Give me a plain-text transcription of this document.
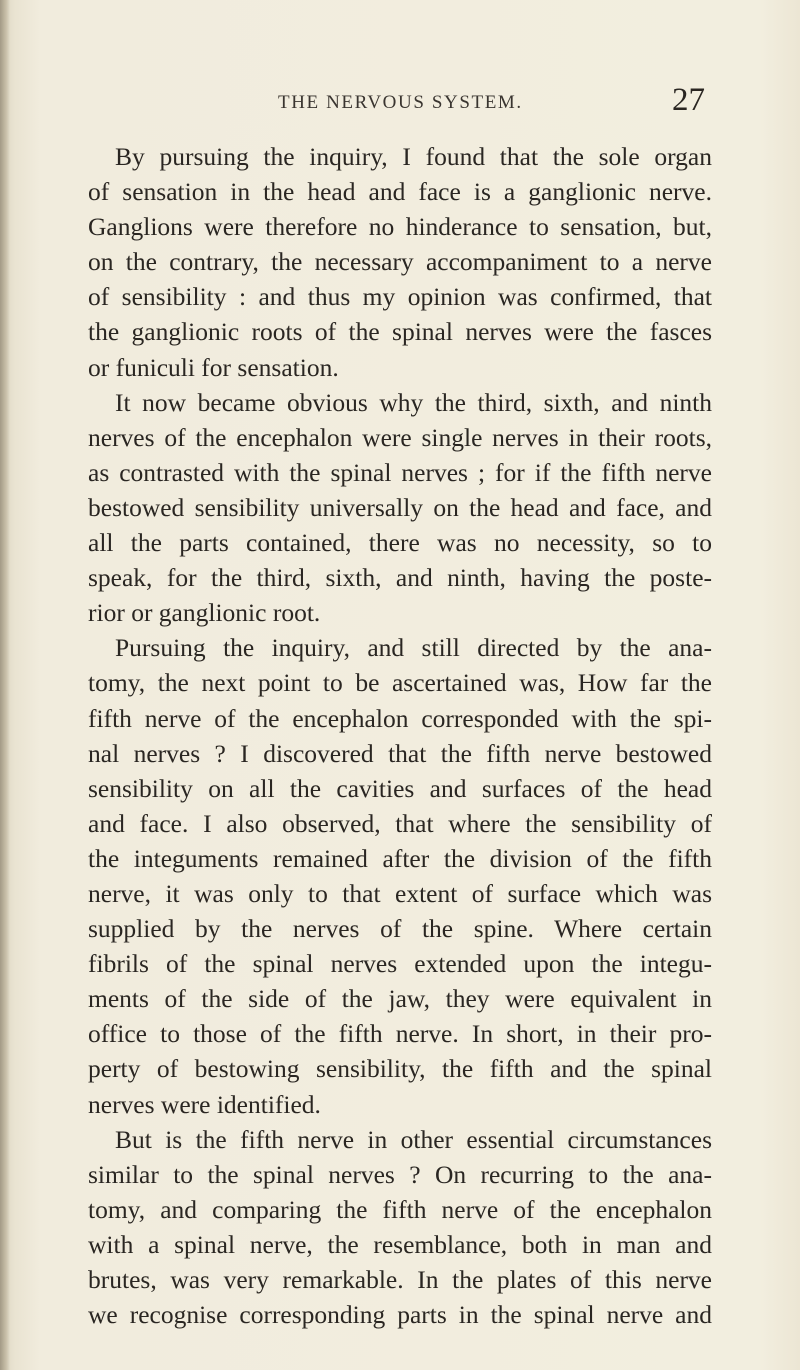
THE NERVOUS SYSTEM.	27
By pursuing the inquiry, I found that the sole organ
of sensation in the head and face is a ganglionic nerve.
Ganglions were therefore no hinderance to sensation, but,
on the contrary, the necessary accompaniment to a nerve
of sensibility : and thus my opinion was confirmed, that
the ganglionic roots of the spinal nerves were the fasces
or funiculi for sensation.
It now became obvious why the third, sixth, and ninth
nerves of the encephalon were single nerves in their roots,
as contrasted with the spinal nerves ; for if the fifth nerve
bestowed sensibility universally on the head and face, and
all the parts contained, there was no necessity, so to
speak, for the third, sixth, and ninth, having the poste-
rior or ganglionic root.
Pursuing the inquiry, and still directed by the ana-
tomy, the next point to be ascertained was, How far the
fifth nerve of the encephalon corresponded with the spi-
nal nerves ? I discovered that the fifth nerve bestowed
sensibility on all the cavities and surfaces of the head
and face. I also observed, that where the sensibility of
the integuments remained after the division of the fifth
nerve, it was only to that extent of surface which was
supplied by the nerves of the spine. Where certain
fibrils of the spinal nerves extended upon the integu-
ments of the side of the jaw, they were equivalent in
office to those of the fifth nerve. In short, in their pro-
perty of bestowing sensibility, the fifth and the spinal
nerves were identified.
But is the fifth nerve in other essential circumstances
similar to the spinal nerves ? On recurring to the ana-
tomy, and comparing the fifth nerve of the encephalon
with a spinal nerve, the resemblance, both in man and
brutes, was very remarkable. In the plates of this nerve
we recognise corresponding parts in the spinal nerve and
